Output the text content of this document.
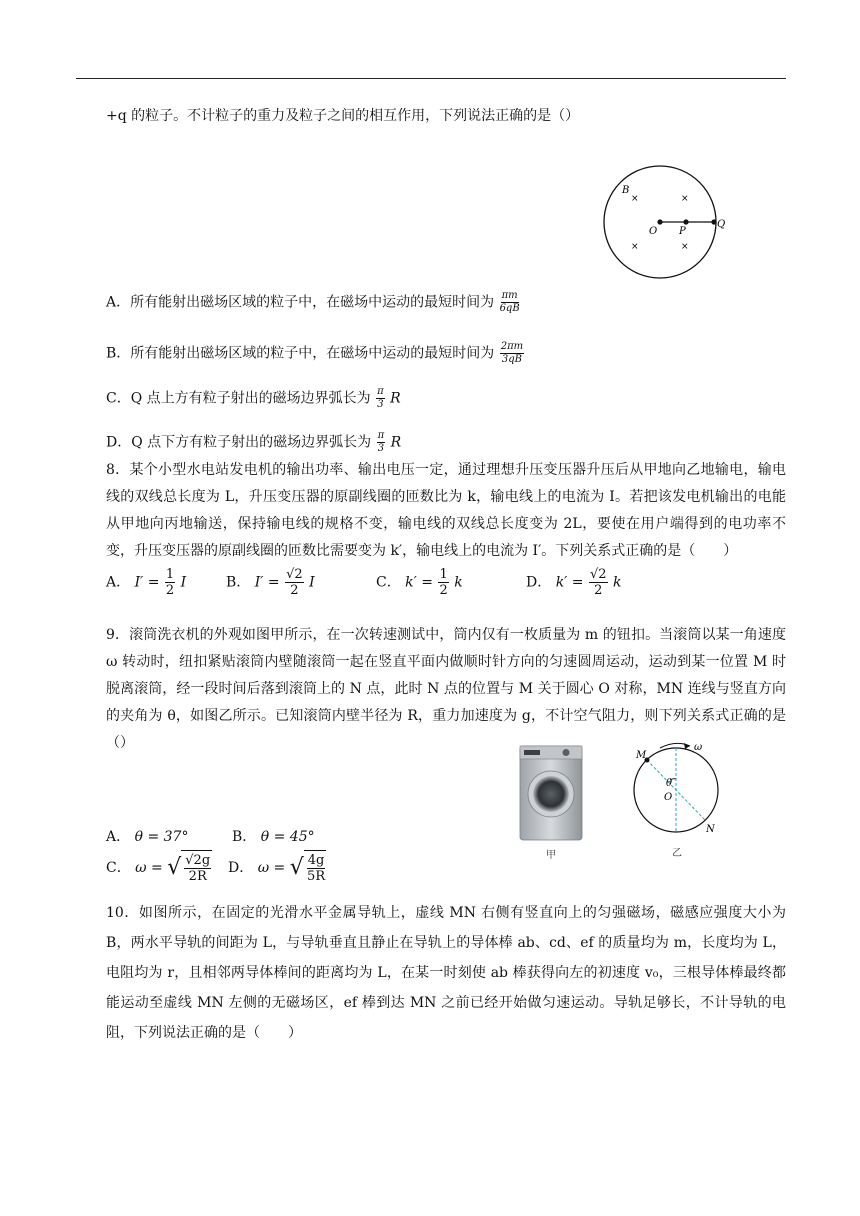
+q 的粒子。不计粒子的重力及粒子之间的相互作用，下列说法正确的是（）
B
×	×
×	×
O P
Q
A．所有能射出磁场区域的粒子中，在磁场中运动的最短时间为 $\frac{\pi m}{6qB}$
B．所有能射出磁场区域的粒子中，在磁场中运动的最短时间为 $\frac{2\pi m}{3qB}$
C．Q 点上方有粒子射出的磁场边界弧长为 $\frac{\pi}{3}$ R
D．Q 点下方有粒子射出的磁场边界弧长为 $\frac{\pi}{3}$ R
8．某个小型水电站发电机的输出功率、输出电压一定，通过理想升压变压器升压后从甲地向乙地输电，输电线的双线总长度为 L，升压变压器的原副线圈的匝数比为 k，输电线上的电流为 I。若把该发电机输出的电能从甲地向丙地输送，保持输电线的规格不变，输电线的双线总长度变为 2L，要使在用户端得到的电功率不变，升压变压器的原副线圈的匝数比需要变为 k′，输电线上的电流为 I′。下列关系式正确的是（　　）
A． $I' = \frac{1}{2}$ I	B． $I' = \frac{√2}{2}$ I	C． $k' = \frac{1}{2}$ k	D． $k' = \frac{√2}{2}$ k
9．滚筒洗衣机的外观如图甲所示，在一次转速测试中，筒内仅有一枚质量为 m 的钮扣。当滚筒以某一角速度 ω 转动时，纽扣紧贴滚筒内壁随滚筒一起在竖直平面内做顺时针方向的匀速圆周运动，运动到某一位置 M 时脱离滚筒，经一段时间后落到滚筒上的 N 点，此时 N 点的位置与 M 关于圆心 O 对称，MN 连线与竖直方向的夹角为 θ，如图乙所示。已知滚筒内壁半径为 R，重力加速度为 g，不计空气阻力，则下列关系式正确的是（）
甲
ω
M
θ
O
N
乙
A． θ = 37°	B． θ = 45°
C． ω = √ $\frac{√2g}{2R}$ D． ω = √ $\frac{4g}{5R}$
10．如图所示，在固定的光滑水平金属导轨上，虚线 MN 右侧有竖直向上的匀强磁场，磁感应强度大小为 B，两水平导轨的间距为 L，与导轨垂直且静止在导轨上的导体棒 ab、cd、ef 的质量均为 m，长度均为 L，电阻均为 r，且相邻两导体棒间的距离均为 L，在某一时刻使 ab 棒获得向左的初速度 v₀，三根导体棒最终都能运动至虚线 MN 左侧的无磁场区，ef 棒到达 MN 之前已经开始做匀速运动。导轨足够长，不计导轨的电阻，下列说法正确的是（　　）
